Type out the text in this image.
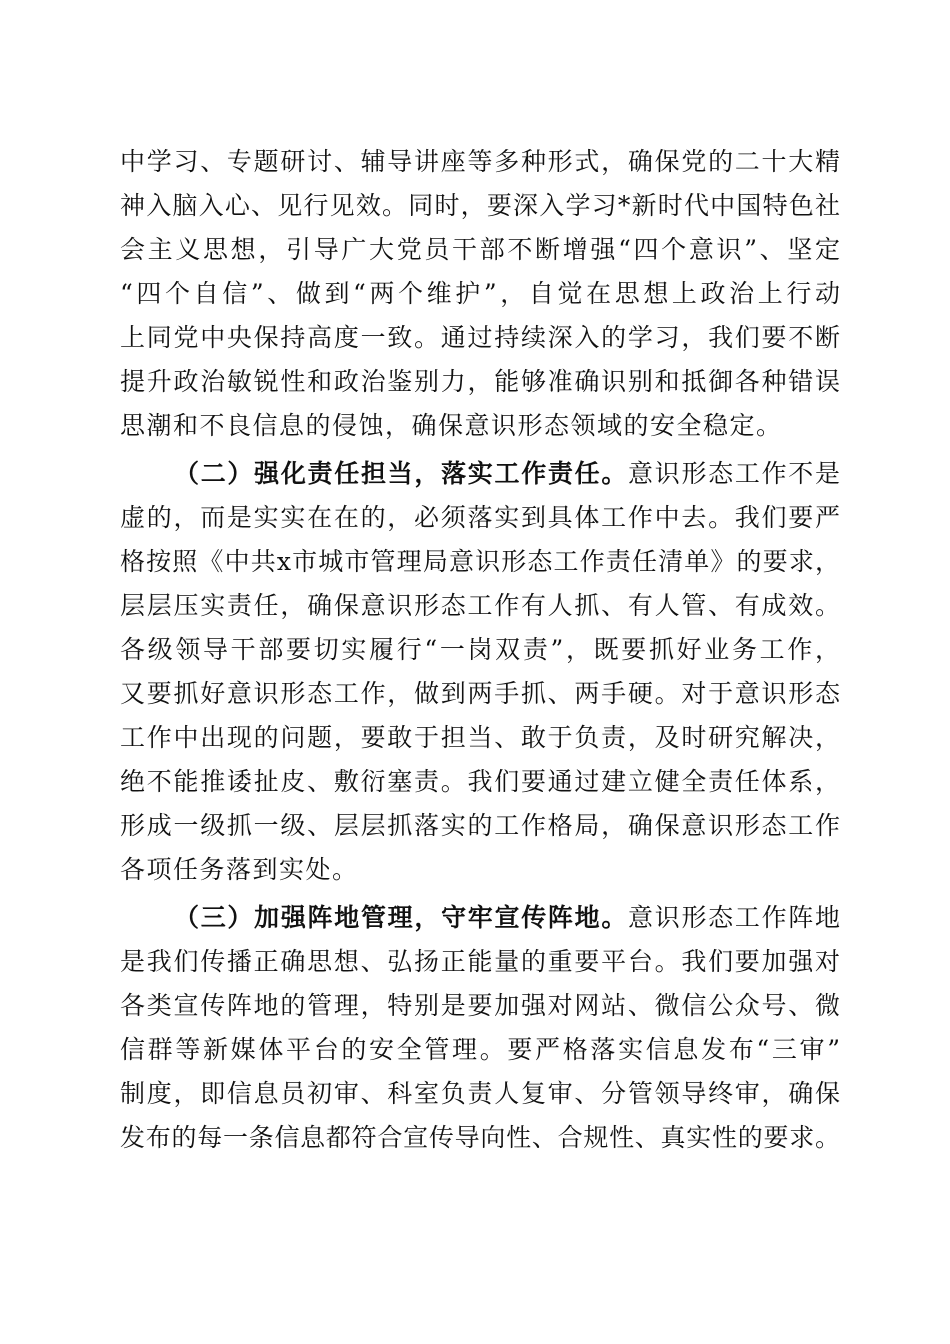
中学习、专题研讨、辅导讲座等多种形式，确保党的二十大精
神入脑入心、见行见效。同时，要深入学习*新时代中国特色社
会主义思想，引导广大党员干部不断增强“四个意识”、坚定
“四个自信”、做到“两个维护”，自觉在思想上政治上行动
上同党中央保持高度一致。通过持续深入的学习，我们要不断
提升政治敏锐性和政治鉴别力，能够准确识别和抵御各种错误
思潮和不良信息的侵蚀，确保意识形态领域的安全稳定。
（二）强化责任担当，落实工作责任。意识形态工作不是
虚的，而是实实在在的，必须落实到具体工作中去。我们要严
格按照《中共x市城市管理局意识形态工作责任清单》的要求，
层层压实责任，确保意识形态工作有人抓、有人管、有成效。
各级领导干部要切实履行“一岗双责”，既要抓好业务工作，
又要抓好意识形态工作，做到两手抓、两手硬。对于意识形态
工作中出现的问题，要敢于担当、敢于负责，及时研究解决，
绝不能推诿扯皮、敷衍塞责。我们要通过建立健全责任体系，
形成一级抓一级、层层抓落实的工作格局，确保意识形态工作
各项任务落到实处。
（三）加强阵地管理，守牢宣传阵地。意识形态工作阵地
是我们传播正确思想、弘扬正能量的重要平台。我们要加强对
各类宣传阵地的管理，特别是要加强对网站、微信公众号、微
信群等新媒体平台的安全管理。要严格落实信息发布“三审”
制度，即信息员初审、科室负责人复审、分管领导终审，确保
发布的每一条信息都符合宣传导向性、合规性、真实性的要求。
